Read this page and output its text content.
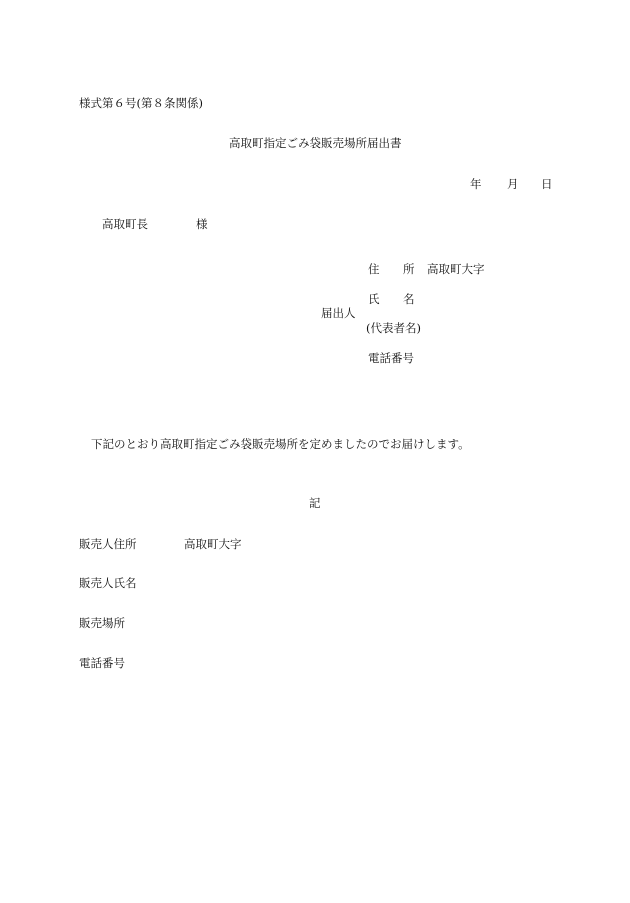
様式第６号(第８条関係)
高取町指定ごみ袋販売場所届出書
年 月 日
高取町長	様
住 所 高取町大字
氏 名
届出人
(代表者名)
電話番号
下記のとおり高取町指定ごみ袋販売場所を定めましたのでお届けします。
記
販売人住所	高取町大字
販売人氏名
販売場所
電話番号
